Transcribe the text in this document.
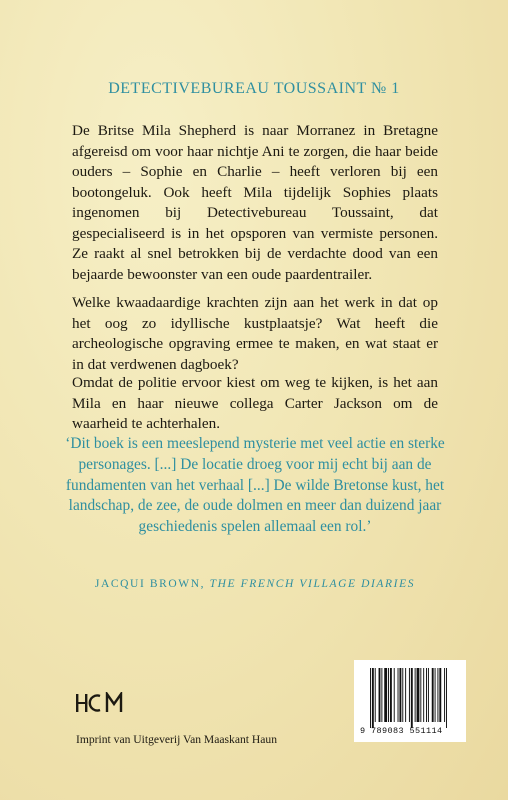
DETECTIVEBUREAU TOUSSAINT № 1

De Britse Mila Shepherd is naar Morranez in Bretagne afgereisd om voor haar nichtje Ani te zorgen, die haar beide ouders – Sophie en Charlie – heeft verloren bij een bootongeluk. Ook heeft Mila tijdelijk Sophies plaats ingenomen bij Detectivebureau Toussaint, dat gespecialiseerd is in het opsporen van vermiste personen. Ze raakt al snel betrokken bij de verdachte dood van een bejaarde bewoonster van een oude paardentrailer.

Welke kwaadaardige krachten zijn aan het werk in dat op het oog zo idyllische kustplaatsje? Wat heeft die archeologische opgraving ermee te maken, en wat staat er in dat verdwenen dagboek?

Omdat de politie ervoor kiest om weg te kijken, is het aan Mila en haar nieuwe collega Carter Jackson om de waarheid te achterhalen.

‘Dit boek is een meeslepend mysterie met veel actie en sterke personages. [...] De locatie droeg voor mij echt bij aan de fundamenten van het verhaal [...] De wilde Bretonse kust, het landschap, de zee, de oude dolmen en meer dan duizend jaar geschiedenis spelen allemaal een rol.’

JACQUI BROWN, THE FRENCH VILLAGE DIARIES
Imprint van Uitgeverij Van Maaskant Haun
9 789083 551114
